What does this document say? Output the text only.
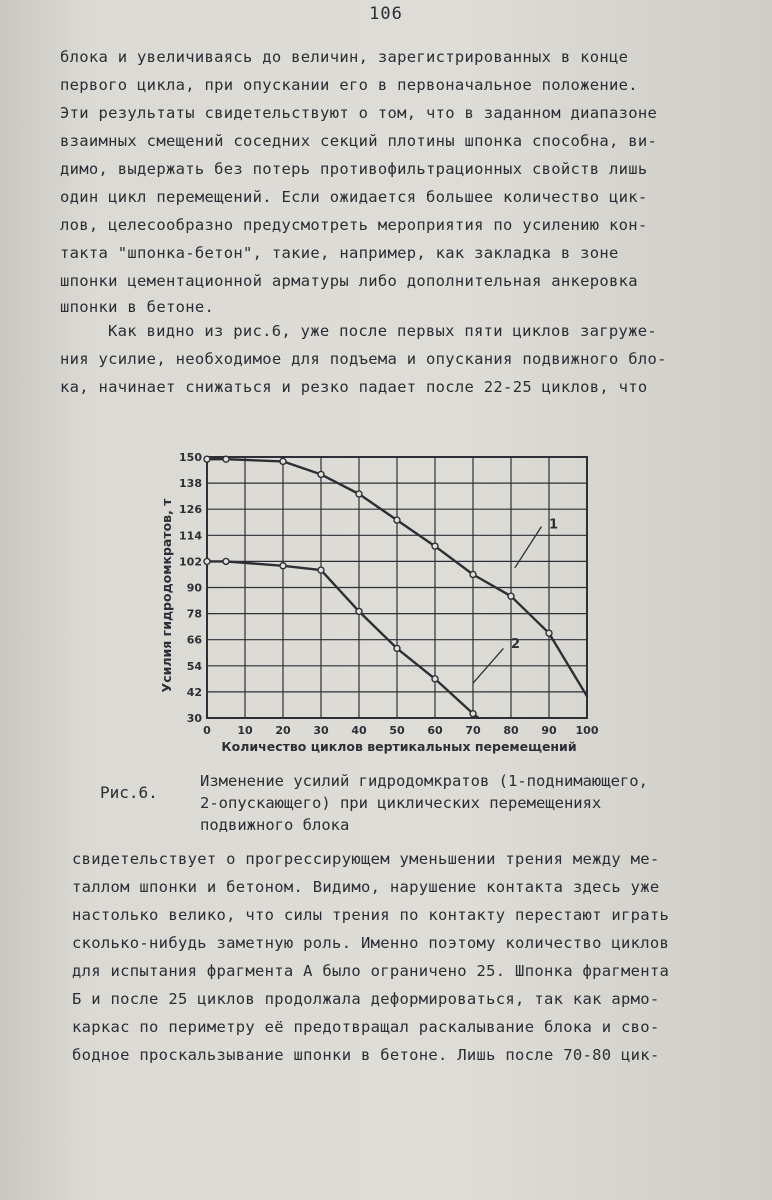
106
блока и увеличиваясь до величин, зарегистрированных в конце
первого цикла, при опускании его в первоначальное положение.
Эти результаты свидетельствуют о том, что в заданном диапазоне
взаимных смещений соседних секций плотины шпонка способна, ви-
димо, выдержать без потерь противофильтрационных свойств лишь
один цикл перемещений. Если ожидается большее количество цик-
лов, целесообразно предусмотреть мероприятия по усилению кон-
такта "шпонка-бетон", такие, например, как закладка в зоне
шпонки цементационной арматуры либо дополнительная анкеровка
шпонки в бетоне.
Как видно из рис.6, уже после первых пяти циклов загруже-
ния усилие, необходимое для подъема и опускания подвижного бло-
ка, начинает снижаться и резко падает после 22-25 циклов, что
0 10 20 30 40 50 60 70 80 90 100
30
42
54
66
78
90
102
114
126
138
150
Количество циклов вертикальных перемещений
Усилия гидродомкратов, т	1
2
Рис.6.
Изменение усилий гидродомкратов (1-поднимающего,
2-опускающего) при циклических перемещениях
подвижного блока
свидетельствует о прогрессирующем уменьшении трения между ме-
таллом шпонки и бетоном. Видимо, нарушение контакта здесь уже
настолько велико, что силы трения по контакту перестают играть
сколько-нибудь заметную роль. Именно поэтому количество циклов
для испытания фрагмента А было ограничено 25. Шпонка фрагмента
Б и после 25 циклов продолжала деформироваться, так как армо-
каркас по периметру её предотвращал раскалывание блока и сво-
бодное проскальзывание шпонки в бетоне. Лишь после 70-80 цик-
